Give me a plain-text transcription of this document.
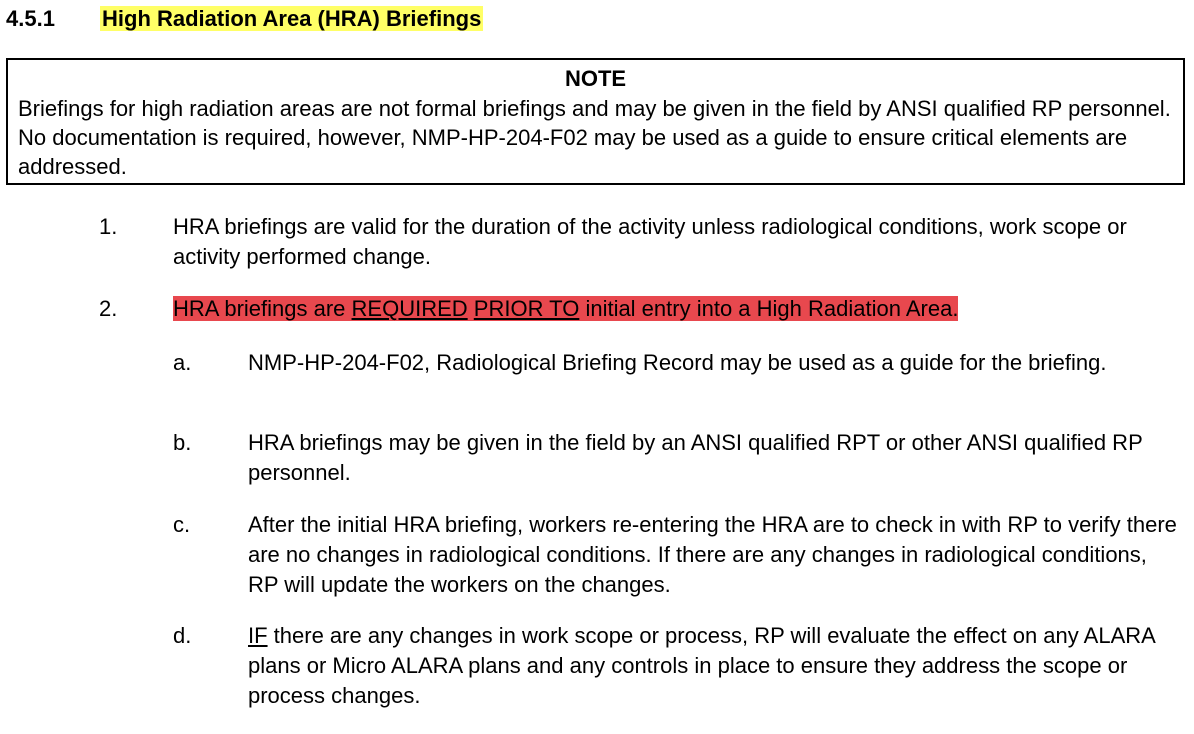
4.5.1 High Radiation Area (HRA) Briefings
NOTE
Briefings for high radiation areas are not formal briefings and may be given in the field by ANSI qualified RP personnel. No documentation is required, however, NMP-HP-204-F02 may be used as a guide to ensure critical elements are addressed.
1.	HRA briefings are valid for the duration of the activity unless radiological conditions, work scope or activity performed change.
2.	HRA briefings are REQUIRED PRIOR TO initial entry into a High Radiation Area.
a.	NMP-HP-204-F02, Radiological Briefing Record may be used as a guide for the briefing.
b.	HRA briefings may be given in the field by an ANSI qualified RPT or other ANSI qualified RP personnel.
c.	After the initial HRA briefing, workers re-entering the HRA are to check in with RP to verify there are no changes in radiological conditions. If there are any changes in radiological conditions, RP will update the workers on the changes.
d.	IF there are any changes in work scope or process, RP will evaluate the effect on any ALARA plans or Micro ALARA plans and any controls in place to ensure they address the scope or process changes.
